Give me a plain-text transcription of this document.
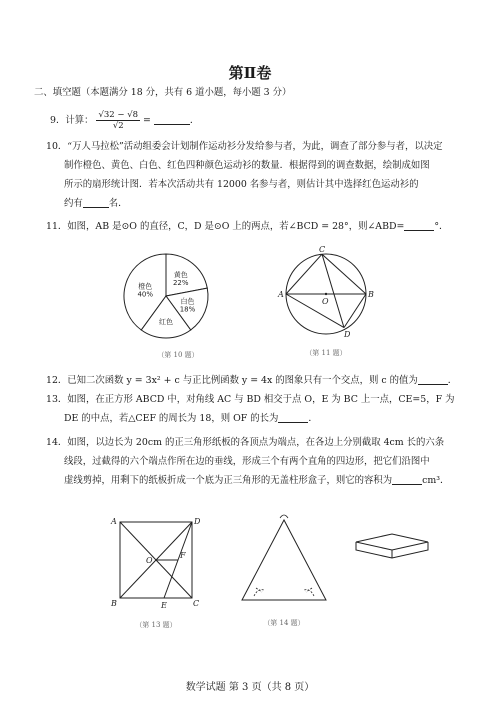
第Ⅱ卷
二、填空题（本题满分 18 分，共有 6 道小题，每小题 3 分）
9．计算： $\frac{√32 - √8}{√2}$ =	．
10．“万人马拉松”活动组委会计划制作运动衫分发给参与者，为此，调查了部分参与者，以决定
制作橙色、黄色、白色、红色四种颜色运动衫的数量．根据得到的调查数据，绘制成如图
所示的扇形统计图．若本次活动共有 12000 名参与者，则估计其中选择红色运动衫的
约有	名．
11．如图，AB 是⊙O 的直径，C，D 是⊙O 上的两点，若∠BCD = 28°，则∠ABD=	°．
橙色
40%
黄色
22%
白色
18%
红色
（第 10 题）
A	B
C
D
O
（第 11 题）
12．已知二次函数 y = 3x² + c 与正比例函数 y = 4x 的图象只有一个交点，则 c 的值为	．
13．如图，在正方形 ABCD 中，对角线 AC 与 BD 相交于点 O，E 为 BC 上一点，CE=5，F 为
DE 的中点，若△CEF 的周长为 18，则 OF 的长为	．
14．如图，以边长为 20cm 的正三角形纸板的各顶点为端点，在各边上分别截取 4cm 长的六条
线段，过截得的六个端点作所在边的垂线，形成三个有两个直角的四边形，把它们沿图中
虚线剪掉，用剩下的纸板折成一个底为正三角形的无盖柱形盒子，则它的容积为	cm³．
A	D
B	C
E
F
O
（第 13 题）	（第 14 题）
数学试题 第 3 页（共 8 页）
